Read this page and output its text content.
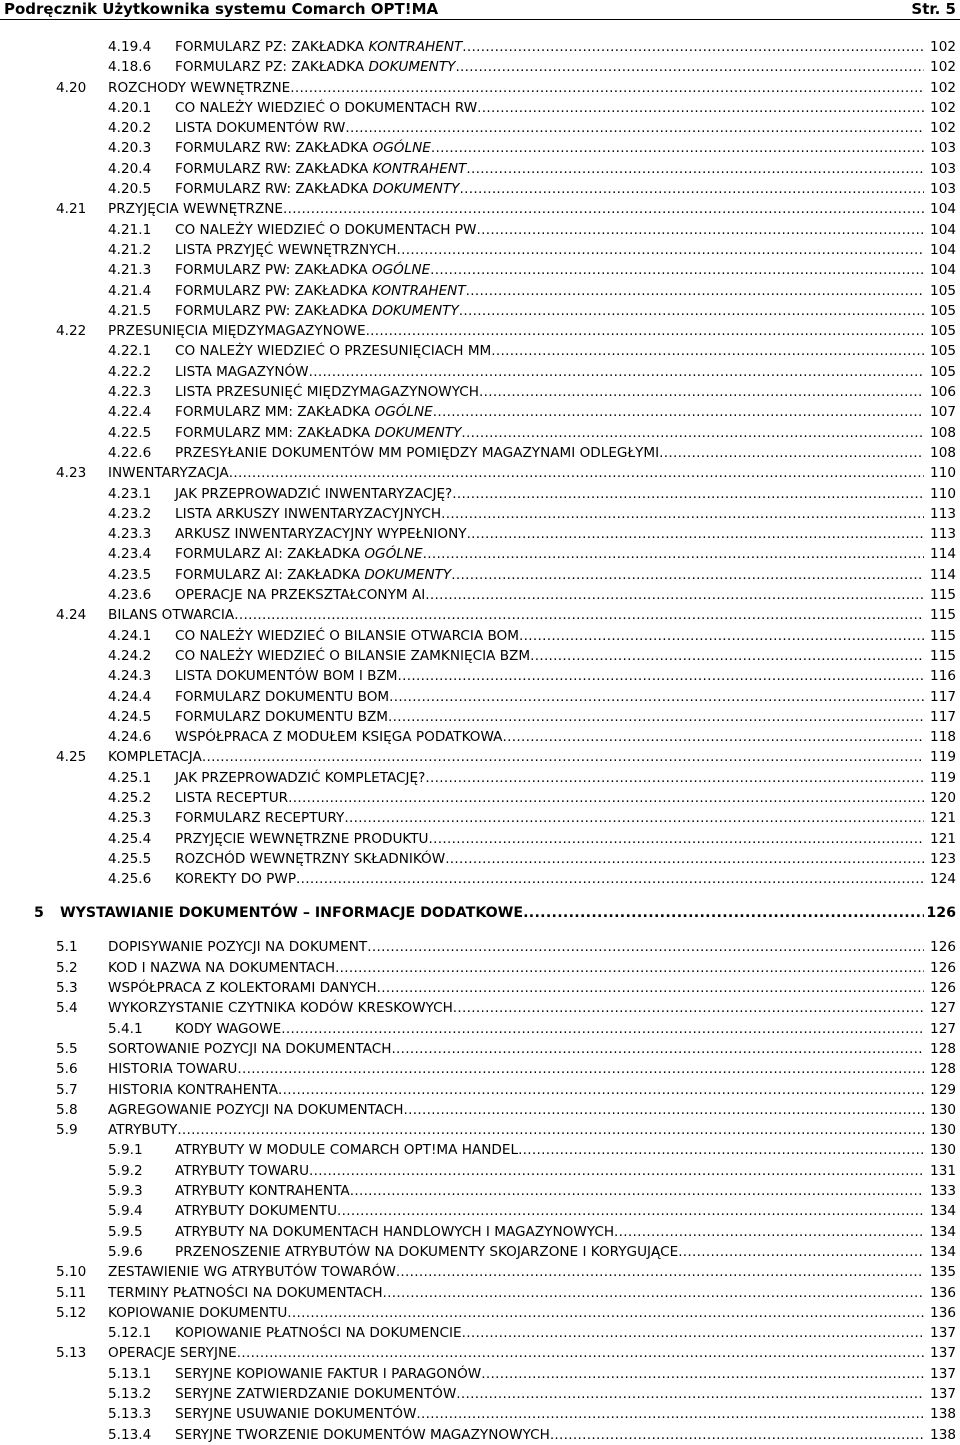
Podręcznik Użytkownika systemu Comarch OPT!MA	Str. 5
4.19.4 FORMULARZ PZ: ZAKŁADKA KONTRAHENT .....	102
4.18.6 FORMULARZ PZ: ZAKŁADKA DOKUMENTY .....	102
4.20 ROZCHODY WEWNĘTRZNE .....	102
4.20.1 CO NALEŻY WIEDZIEĆ O DOKUMENTACH RW .....	102
4.20.2 LISTA DOKUMENTÓW RW .....	102
4.20.3 FORMULARZ RW: ZAKŁADKA OGÓLNE .....	103
4.20.4 FORMULARZ RW: ZAKŁADKA KONTRAHENT .....	103
4.20.5 FORMULARZ RW: ZAKŁADKA DOKUMENTY .....	103
4.21 PRZYJĘCIA WEWNĘTRZNE .....	104
4.21.1 CO NALEŻY WIEDZIEĆ O DOKUMENTACH PW .....	104
4.21.2 LISTA PRZYJĘĆ WEWNĘTRZNYCH .....	104
4.21.3 FORMULARZ PW: ZAKŁADKA OGÓLNE .....	104
4.21.4 FORMULARZ PW: ZAKŁADKA KONTRAHENT .....	105
4.21.5 FORMULARZ PW: ZAKŁADKA DOKUMENTY .....	105
4.22 PRZESUNIĘCIA MIĘDZYMAGAZYNOWE .....	105
4.22.1 CO NALEŻY WIEDZIEĆ O PRZESUNIĘCIACH MM .....	105
4.22.2 LISTA MAGAZYNÓW .....	105
4.22.3 LISTA PRZESUNIĘĆ MIĘDZYMAGAZYNOWYCH .....	106
4.22.4 FORMULARZ MM: ZAKŁADKA OGÓLNE .....	107
4.22.5 FORMULARZ MM: ZAKŁADKA DOKUMENTY .....	108
4.22.6 PRZESYŁANIE DOKUMENTÓW MM POMIĘDZY MAGAZYNAMI ODLEGŁYMI .....	108
4.23 INWENTARYZACJA .....	110
4.23.1 JAK PRZEPROWADZIĆ INWENTARYZACJĘ? .....	110
4.23.2 LISTA ARKUSZY INWENTARYZACYJNYCH .....	113
4.23.3 ARKUSZ INWENTARYZACYJNY WYPEŁNIONY .....	113
4.23.4 FORMULARZ AI: ZAKŁADKA OGÓLNE .....	114
4.23.5 FORMULARZ AI: ZAKŁADKA DOKUMENTY .....	114
4.23.6 OPERACJE NA PRZEKSZTAŁCONYM AI .....	115
4.24 BILANS OTWARCIA .....	115
4.24.1 CO NALEŻY WIEDZIEĆ O BILANSIE OTWARCIA BOM .....	115
4.24.2 CO NALEŻY WIEDZIEĆ O BILANSIE ZAMKNIĘCIA BZM .....	115
4.24.3 LISTA DOKUMENTÓW BOM I BZM .....	116
4.24.4 FORMULARZ DOKUMENTU BOM .....	117
4.24.5 FORMULARZ DOKUMENTU BZM .....	117
4.24.6 WSPÓŁPRACA Z MODUŁEM KSIĘGA PODATKOWA .....	118
4.25 KOMPLETACJA .....	119
4.25.1 JAK PRZEPROWADZIĆ KOMPLETACJĘ? .....	119
4.25.2 LISTA RECEPTUR .....	120
4.25.3 FORMULARZ RECEPTURY .....	121
4.25.4 PRZYJĘCIE WEWNĘTRZNE PRODUKTU .....	121
4.25.5 ROZCHÓD WEWNĘTRZNY SKŁADNIKÓW .....	123
4.25.6 KOREKTY DO PWP .....	124
5 WYSTAWIANIE DOKUMENTÓW – INFORMACJE DODATKOWE .....	126
5.1 DOPISYWANIE POZYCJI NA DOKUMENT .....	126
5.2 KOD I NAZWA NA DOKUMENTACH .....	126
5.3 WSPÓŁPRACA Z KOLEKTORAMI DANYCH .....	126
5.4 WYKORZYSTANIE CZYTNIKA KODÓW KRESKOWYCH .....	127
5.4.1 KODY WAGOWE .....	127
5.5 SORTOWANIE POZYCJI NA DOKUMENTACH .....	128
5.6 HISTORIA TOWARU .....	128
5.7 HISTORIA KONTRAHENTA .....	129
5.8 AGREGOWANIE POZYCJI NA DOKUMENTACH .....	130
5.9 ATRYBUTY .....	130
5.9.1 ATRYBUTY W MODULE COMARCH OPT!MA HANDEL .....	130
5.9.2 ATRYBUTY TOWARU .....	131
5.9.3 ATRYBUTY KONTRAHENTA .....	133
5.9.4 ATRYBUTY DOKUMENTU .....	134
5.9.5 ATRYBUTY NA DOKUMENTACH HANDLOWYCH I MAGAZYNOWYCH .....	134
5.9.6 PRZENOSZENIE ATRYBUTÓW NA DOKUMENTY SKOJARZONE I KORYGUJĄCE .....	134
5.10 ZESTAWIENIE WG ATRYBUTÓW TOWARÓW .....	135
5.11 TERMINY PŁATNOŚCI NA DOKUMENTACH .....	136
5.12 KOPIOWANIE DOKUMENTU .....	136
5.12.1 KOPIOWANIE PŁATNOŚCI NA DOKUMENCIE .....	137
5.13 OPERACJE SERYJNE .....	137
5.13.1 SERYJNE KOPIOWANIE FAKTUR I PARAGONÓW .....	137
5.13.2 SERYJNE ZATWIERDZANIE DOKUMENTÓW .....	137
5.13.3 SERYJNE USUWANIE DOKUMENTÓW .....	138
5.13.4 SERYJNE TWORZENIE DOKUMENTÓW MAGAZYNOWYCH .....	138
